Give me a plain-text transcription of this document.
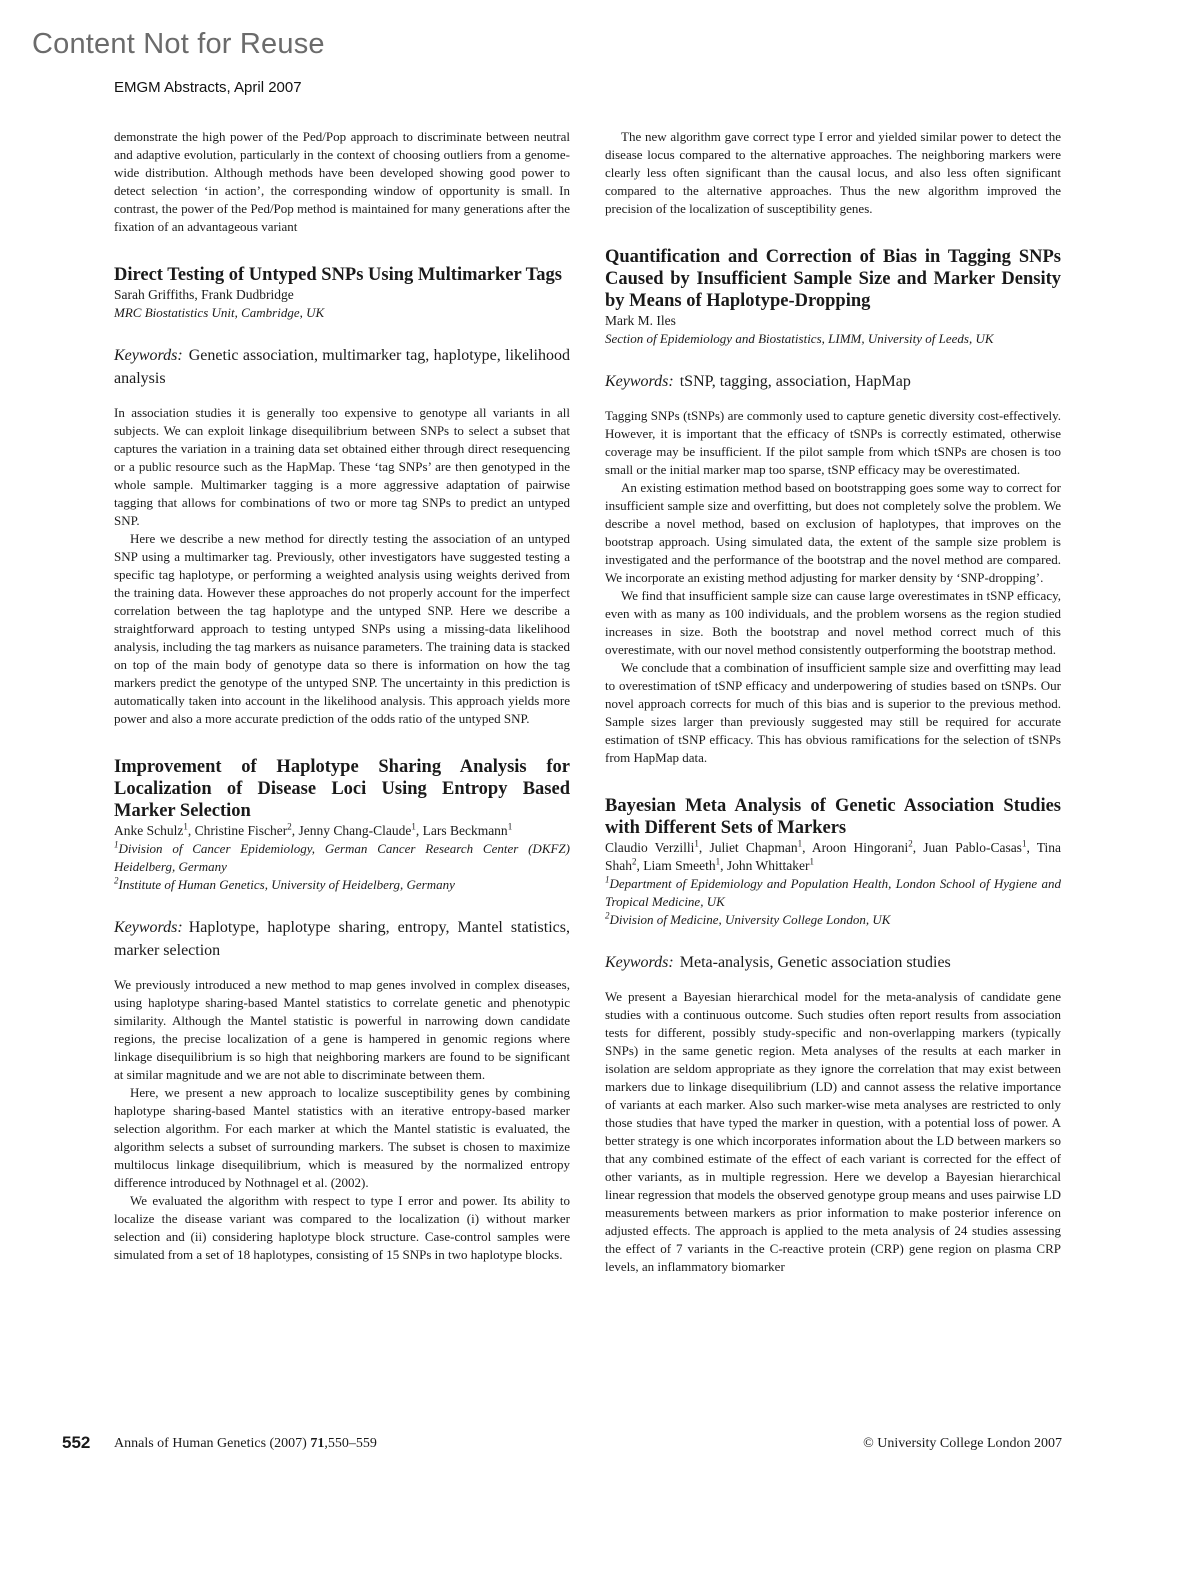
Content Not for Reuse
EMGM Abstracts, April 2007

demonstrate the high power of the Ped/Pop approach to discriminate between neutral and adaptive evolution, particularly in the context of choosing outliers from a genome-wide distribution. Although methods have been developed showing good power to detect selection ‘in action’, the corresponding window of opportunity is small. In contrast, the power of the Ped/Pop method is maintained for many generations after the fixation of an advantageous variant

Direct Testing of Untyped SNPs Using Multimarker Tags
Sarah Griffiths, Frank Dudbridge
MRC Biostatistics Unit, Cambridge, UK
Keywords: Genetic association, multimarker tag, haplotype, likelihood analysis

In association studies it is generally too expensive to genotype all variants in all subjects. We can exploit linkage disequilibrium between SNPs to select a subset that captures the variation in a training data set obtained either through direct resequencing or a public resource such as the HapMap. These ‘tag SNPs’ are then genotyped in the whole sample. Multimarker tagging is a more aggressive adaptation of pairwise tagging that allows for combinations of two or more tag SNPs to predict an untyped SNP.

Here we describe a new method for directly testing the association of an untyped SNP using a multimarker tag. Previously, other investigators have suggested testing a specific tag haplotype, or performing a weighted analysis using weights derived from the training data. However these approaches do not properly account for the imperfect correlation between the tag haplotype and the untyped SNP. Here we describe a straightforward approach to testing untyped SNPs using a missing-data likelihood analysis, including the tag markers as nuisance parameters. The training data is stacked on top of the main body of genotype data so there is information on how the tag markers predict the genotype of the untyped SNP. The uncertainty in this prediction is automatically taken into account in the likelihood analysis. This approach yields more power and also a more accurate prediction of the odds ratio of the untyped SNP.

Improvement of Haplotype Sharing Analysis for Localization of Disease Loci Using Entropy Based Marker Selection
Anke Schulz$^1$, Christine Fischer$^2$, Jenny Chang-Claude$^1$, Lars Beckmann$^1$
$^1$Division of Cancer Epidemiology, German Cancer Research Center (DKFZ) Heidelberg, Germany
$^2$Institute of Human Genetics, University of Heidelberg, Germany
Keywords: Haplotype, haplotype sharing, entropy, Mantel statistics, marker selection

We previously introduced a new method to map genes involved in complex diseases, using haplotype sharing-based Mantel statistics to correlate genetic and phenotypic similarity. Although the Mantel statistic is powerful in narrowing down candidate regions, the precise localization of a gene is hampered in genomic regions where linkage disequilibrium is so high that neighboring markers are found to be significant at similar magnitude and we are not able to discriminate between them.

Here, we present a new approach to localize susceptibility genes by combining haplotype sharing-based Mantel statistics with an iterative entropy-based marker selection algorithm. For each marker at which the Mantel statistic is evaluated, the algorithm selects a subset of surrounding markers. The subset is chosen to maximize multilocus linkage disequilibrium, which is measured by the normalized entropy difference introduced by Nothnagel et al. (2002).

We evaluated the algorithm with respect to type I error and power. Its ability to localize the disease variant was compared to the localization (i) without marker selection and (ii) considering haplotype block structure. Case-control samples were simulated from a set of 18 haplotypes, consisting of 15 SNPs in two haplotype blocks.

The new algorithm gave correct type I error and yielded similar power to detect the disease locus compared to the alternative approaches. The neighboring markers were clearly less often significant than the causal locus, and also less often significant compared to the alternative approaches. Thus the new algorithm improved the precision of the localization of susceptibility genes.

Quantification and Correction of Bias in Tagging SNPs Caused by Insufficient Sample Size and Marker Density by Means of Haplotype-Dropping
Mark M. Iles
Section of Epidemiology and Biostatistics, LIMM, University of Leeds, UK
Keywords: tSNP, tagging, association, HapMap

Tagging SNPs (tSNPs) are commonly used to capture genetic diversity cost-effectively. However, it is important that the efficacy of tSNPs is correctly estimated, otherwise coverage may be insufficient. If the pilot sample from which tSNPs are chosen is too small or the initial marker map too sparse, tSNP efficacy may be overestimated.

An existing estimation method based on bootstrapping goes some way to correct for insufficient sample size and overfitting, but does not completely solve the problem. We describe a novel method, based on exclusion of haplotypes, that improves on the bootstrap approach. Using simulated data, the extent of the sample size problem is investigated and the performance of the bootstrap and the novel method are compared. We incorporate an existing method adjusting for marker density by ‘SNP-dropping’.

We find that insufficient sample size can cause large overestimates in tSNP efficacy, even with as many as 100 individuals, and the problem worsens as the region studied increases in size. Both the bootstrap and novel method correct much of this overestimate, with our novel method consistently outperforming the bootstrap method.

We conclude that a combination of insufficient sample size and overfitting may lead to overestimation of tSNP efficacy and underpowering of studies based on tSNPs. Our novel approach corrects for much of this bias and is superior to the previous method. Sample sizes larger than previously suggested may still be required for accurate estimation of tSNP efficacy. This has obvious ramifications for the selection of tSNPs from HapMap data.

Bayesian Meta Analysis of Genetic Association Studies with Different Sets of Markers
Claudio Verzilli$^1$, Juliet Chapman$^1$, Aroon Hingorani$^2$, Juan Pablo-Casas$^1$, Tina Shah$^2$, Liam Smeeth$^1$, John Whittaker$^1$
$^1$Department of Epidemiology and Population Health, London School of Hygiene and Tropical Medicine, UK
$^2$Division of Medicine, University College London, UK
Keywords: Meta-analysis, Genetic association studies

We present a Bayesian hierarchical model for the meta-analysis of candidate gene studies with a continuous outcome. Such studies often report results from association tests for different, possibly study-specific and non-overlapping markers (typically SNPs) in the same genetic region. Meta analyses of the results at each marker in isolation are seldom appropriate as they ignore the correlation that may exist between markers due to linkage disequilibrium (LD) and cannot assess the relative importance of variants at each marker. Also such marker-wise meta analyses are restricted to only those studies that have typed the marker in question, with a potential loss of power. A better strategy is one which incorporates information about the LD between markers so that any combined estimate of the effect of each variant is corrected for the effect of other variants, as in multiple regression. Here we develop a Bayesian hierarchical linear regression that models the observed genotype group means and uses pairwise LD measurements between markers as prior information to make posterior inference on adjusted effects. The approach is applied to the meta analysis of 24 studies assessing the effect of 7 variants in the C-reactive protein (CRP) gene region on plasma CRP levels, an inflammatory biomarker

552 Annals of Human Genetics (2007) 71,550–559	© University College London 2007
